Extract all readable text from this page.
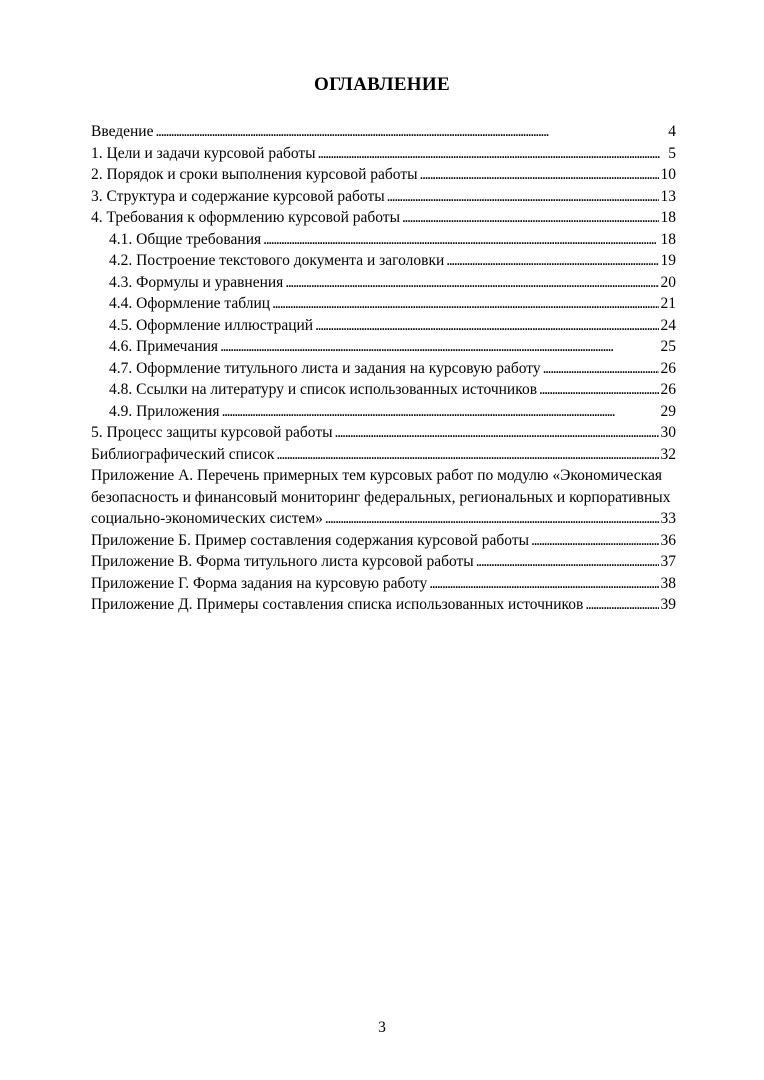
ОГЛАВЛЕНИЕ
Введение . . .	4
1. Цели и задачи курсовой работы . . .	5
2. Порядок и сроки выполнения курсовой работы . . .	10
3. Структура и содержание курсовой работы . . .	13
4. Требования к оформлению курсовой работы . . .	18
4.1. Общие требования . . .	18
4.2. Построение текстового документа и заголовки . . .	19
4.3. Формулы и уравнения . . .	20
4.4. Оформление таблиц . . .	21
4.5. Оформление иллюстраций . . .	24
4.6. Примечания . . .	25
4.7. Оформление титульного листа и задания на курсовую работу . . .	26
4.8. Ссылки на литературу и список использованных источников . . .	26
4.9. Приложения . . .	29
5. Процесс защиты курсовой работы . . .	30
Библиографический список . . .	32
Приложение А. Перечень примерных тем курсовых работ по модулю «Экономическая
безопасность и финансовый мониторинг федеральных, региональных и корпоративных
социально-экономических систем» . . .	33
Приложение Б. Пример составления содержания курсовой работы . . .	36
Приложение В. Форма титульного листа курсовой работы . . .	37
Приложение Г. Форма задания на курсовую работу . . .	38
Приложение Д. Примеры составления списка использованных источников . . .	39
3
